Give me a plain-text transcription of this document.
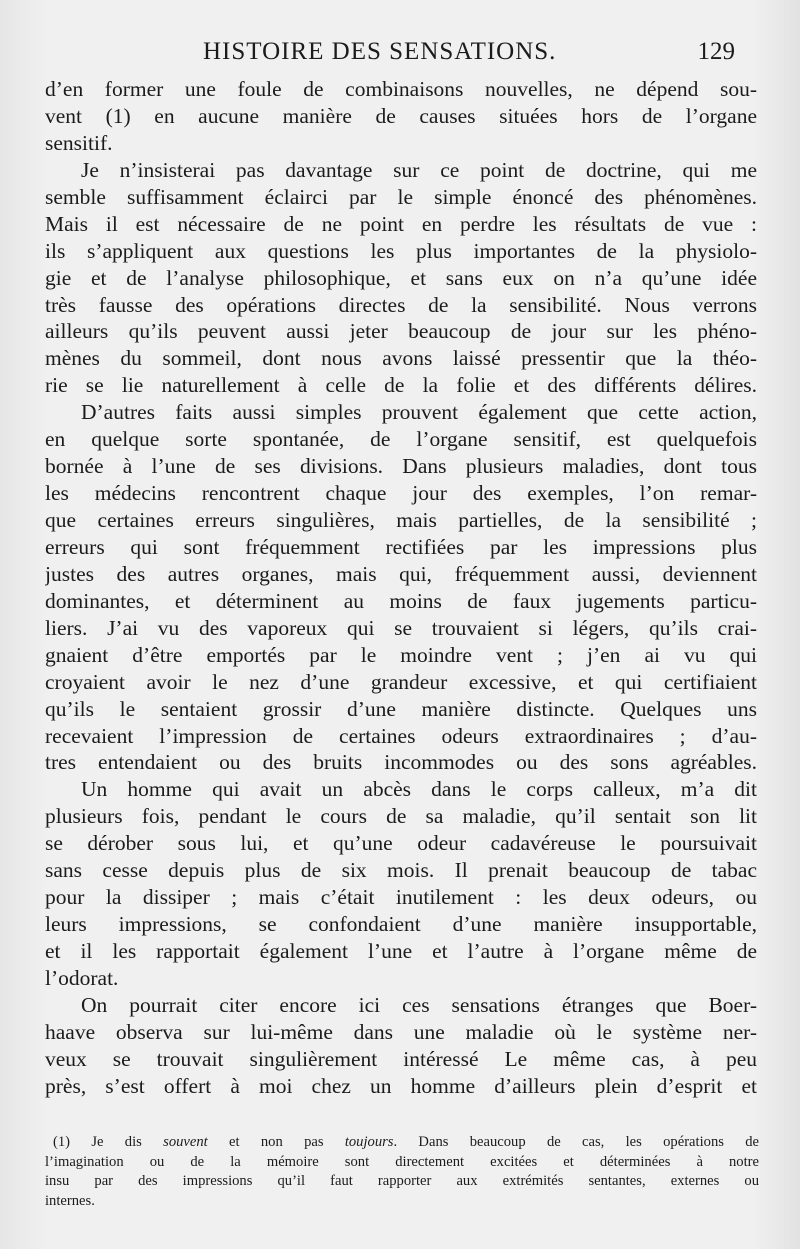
HISTOIRE DES SENSATIONS.	129
d’en former une foule de combinaisons nouvelles, ne dépend sou-
vent (1) en aucune manière de causes situées hors de l’organe
sensitif.
Je n’insisterai pas davantage sur ce point de doctrine, qui me
semble suffisamment éclairci par le simple énoncé des phénomènes.
Mais il est nécessaire de ne point en perdre les résultats de vue :
ils s’appliquent aux questions les plus importantes de la physiolo-
gie et de l’analyse philosophique, et sans eux on n’a qu’une idée
très fausse des opérations directes de la sensibilité. Nous verrons
ailleurs qu’ils peuvent aussi jeter beaucoup de jour sur les phéno-
mènes du sommeil, dont nous avons laissé pressentir que la théo-
rie se lie naturellement à celle de la folie et des différents délires.
D’autres faits aussi simples prouvent également que cette action,
en quelque sorte spontanée, de l’organe sensitif, est quelquefois
bornée à l’une de ses divisions. Dans plusieurs maladies, dont tous
les médecins rencontrent chaque jour des exemples, l’on remar-
que certaines erreurs singulières, mais partielles, de la sensibilité ;
erreurs qui sont fréquemment rectifiées par les impressions plus
justes des autres organes, mais qui, fréquemment aussi, deviennent
dominantes, et déterminent au moins de faux jugements particu-
liers. J’ai vu des vaporeux qui se trouvaient si légers, qu’ils crai-
gnaient d’être emportés par le moindre vent ; j’en ai vu qui
croyaient avoir le nez d’une grandeur excessive, et qui certifiaient
qu’ils le sentaient grossir d’une manière distincte. Quelques uns
recevaient l’impression de certaines odeurs extraordinaires ; d’au-
tres entendaient ou des bruits incommodes ou des sons agréables.
Un homme qui avait un abcès dans le corps calleux, m’a dit
plusieurs fois, pendant le cours de sa maladie, qu’il sentait son lit
se dérober sous lui, et qu’une odeur cadavéreuse le poursuivait
sans cesse depuis plus de six mois. Il prenait beaucoup de tabac
pour la dissiper ; mais c’était inutilement : les deux odeurs, ou
leurs impressions, se confondaient d’une manière insupportable,
et il les rapportait également l’une et l’autre à l’organe même de
l’odorat.
On pourrait citer encore ici ces sensations étranges que Boer-
haave observa sur lui-même dans une maladie où le système ner-
veux se trouvait singulièrement intéressé Le même cas, à peu
près, s’est offert à moi chez un homme d’ailleurs plein d’esprit et
(1) Je dis souvent et non pas toujours. Dans beaucoup de cas, les opérations de
l’imagination ou de la mémoire sont directement excitées et déterminées à notre
insu par des impressions qu’il faut rapporter aux extrémités sentantes, externes ou
internes.
